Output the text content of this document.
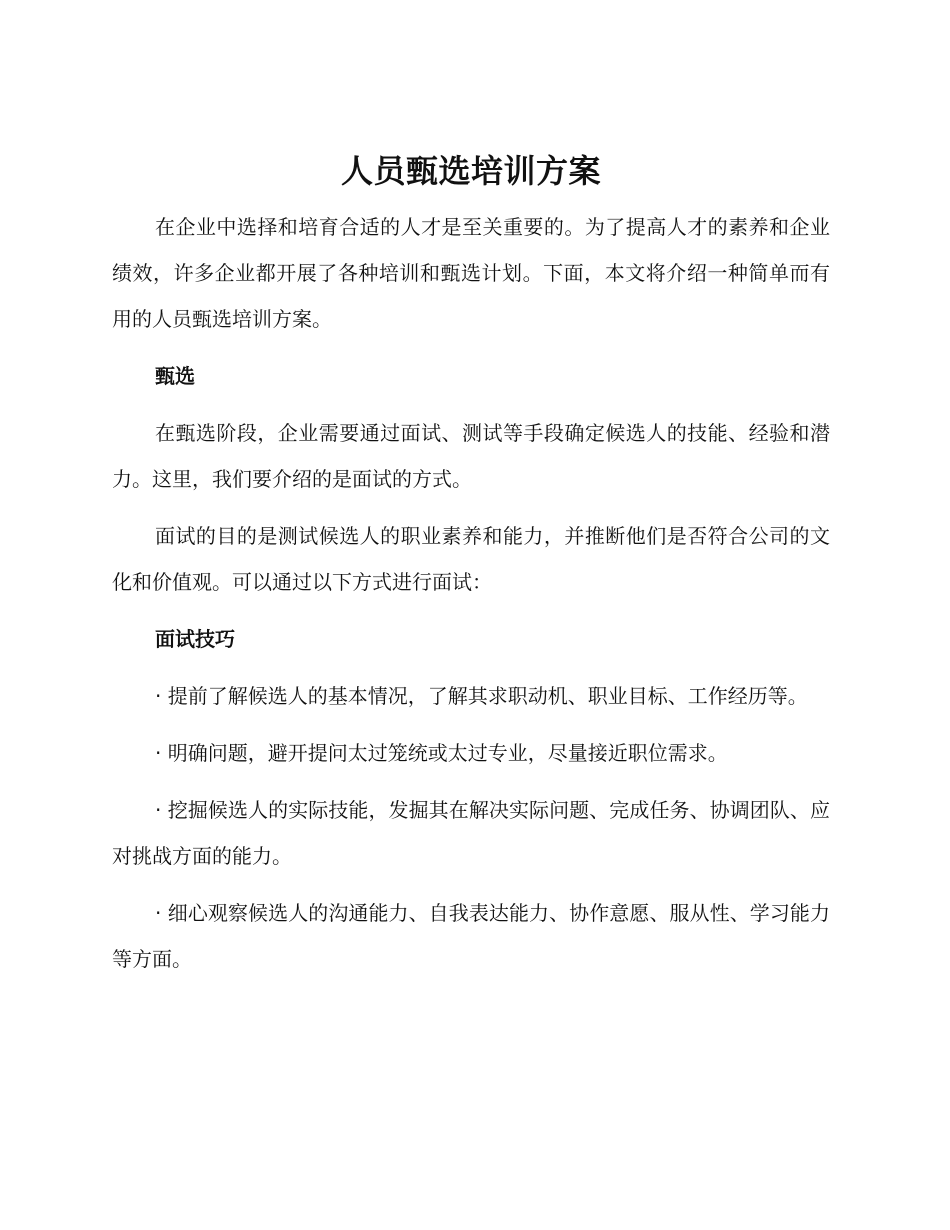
人员甄选培训方案

在企业中选择和培育合适的人才是至关重要的。为了提高人才的素养和企业绩效，许多企业都开展了各种培训和甄选计划。下面，本文将介绍一种简单而有用的人员甄选培训方案。

甄选

在甄选阶段，企业需要通过面试、测试等手段确定候选人的技能、经验和潜力。这里，我们要介绍的是面试的方式。

面试的目的是测试候选人的职业素养和能力，并推断他们是否符合公司的文化和价值观。可以通过以下方式进行面试：

面试技巧

· 提前了解候选人的基本情况，了解其求职动机、职业目标、工作经历等。

· 明确问题，避开提问太过笼统或太过专业，尽量接近职位需求。

· 挖掘候选人的实际技能，发掘其在解决实际问题、完成任务、协调团队、应对挑战方面的能力。

· 细心观察候选人的沟通能力、自我表达能力、协作意愿、服从性、学习能力等方面。
